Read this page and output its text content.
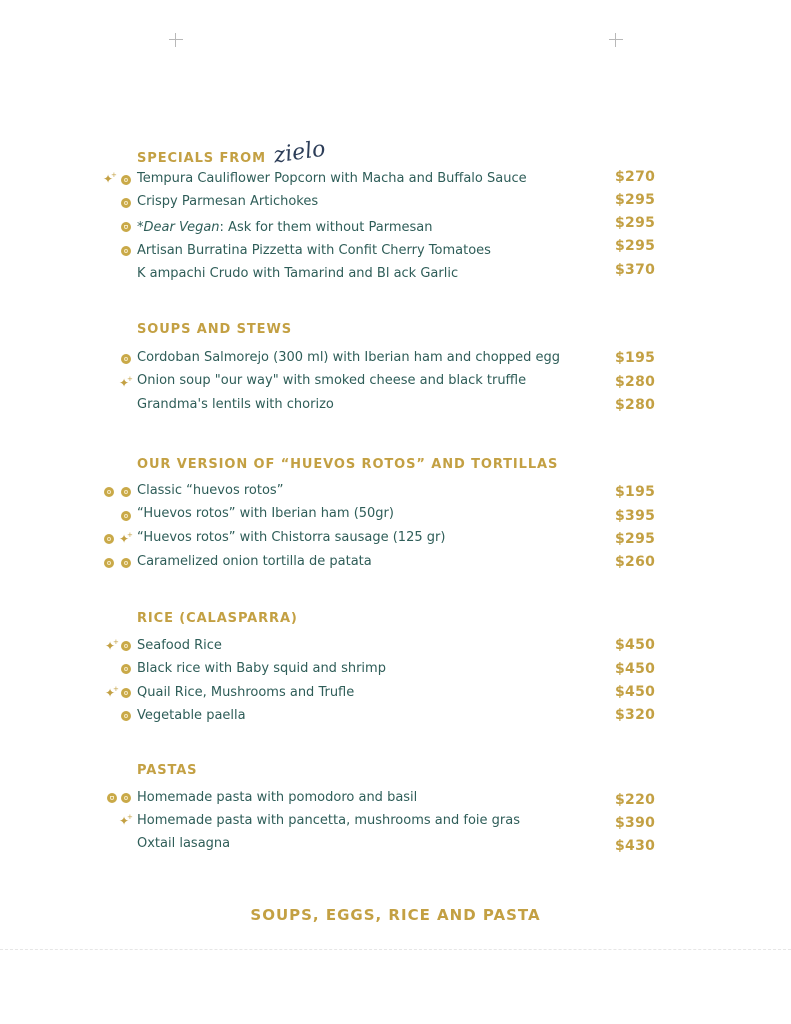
SPECIALS FROM zielo
✦ + Tempura Cauliflower Popcorn with Macha and Buffalo Sauce	$270
Crispy Parmesan Artichokes	$295
*Dear Vegan: Ask for them without Parmesan	$295
Artisan Burratina Pizzetta with Confit Cherry Tomatoes	$295
K ampachi Crudo with Tamarind and Bl ack Garlic	$370
SOUPS AND STEWS
Cordoban Salmorejo (300 ml) with Iberian ham and chopped egg	$195
✦ + Onion soup "our way" with smoked cheese and black truffle	$280
Grandma's lentils with chorizo	$280
OUR VERSION OF “HUEVOS ROTOS” AND TORTILLAS
Classic “huevos rotos”	$195
“Huevos rotos” with Iberian ham (50gr)	$395
✦ + “Huevos rotos” with Chistorra sausage (125 gr)	$295
Caramelized onion tortilla de patata	$260
RICE (CALASPARRA)
✦ + Seafood Rice	$450
Black rice with Baby squid and shrimp	$450
✦ + Quail Rice, Mushrooms and Trufle	$450
Vegetable paella	$320
PASTAS
Homemade pasta with pomodoro and basil	$220
✦ + Homemade pasta with pancetta, mushrooms and foie gras	$390
Oxtail lasagna	$430
SOUPS, EGGS, RICE AND PASTA
